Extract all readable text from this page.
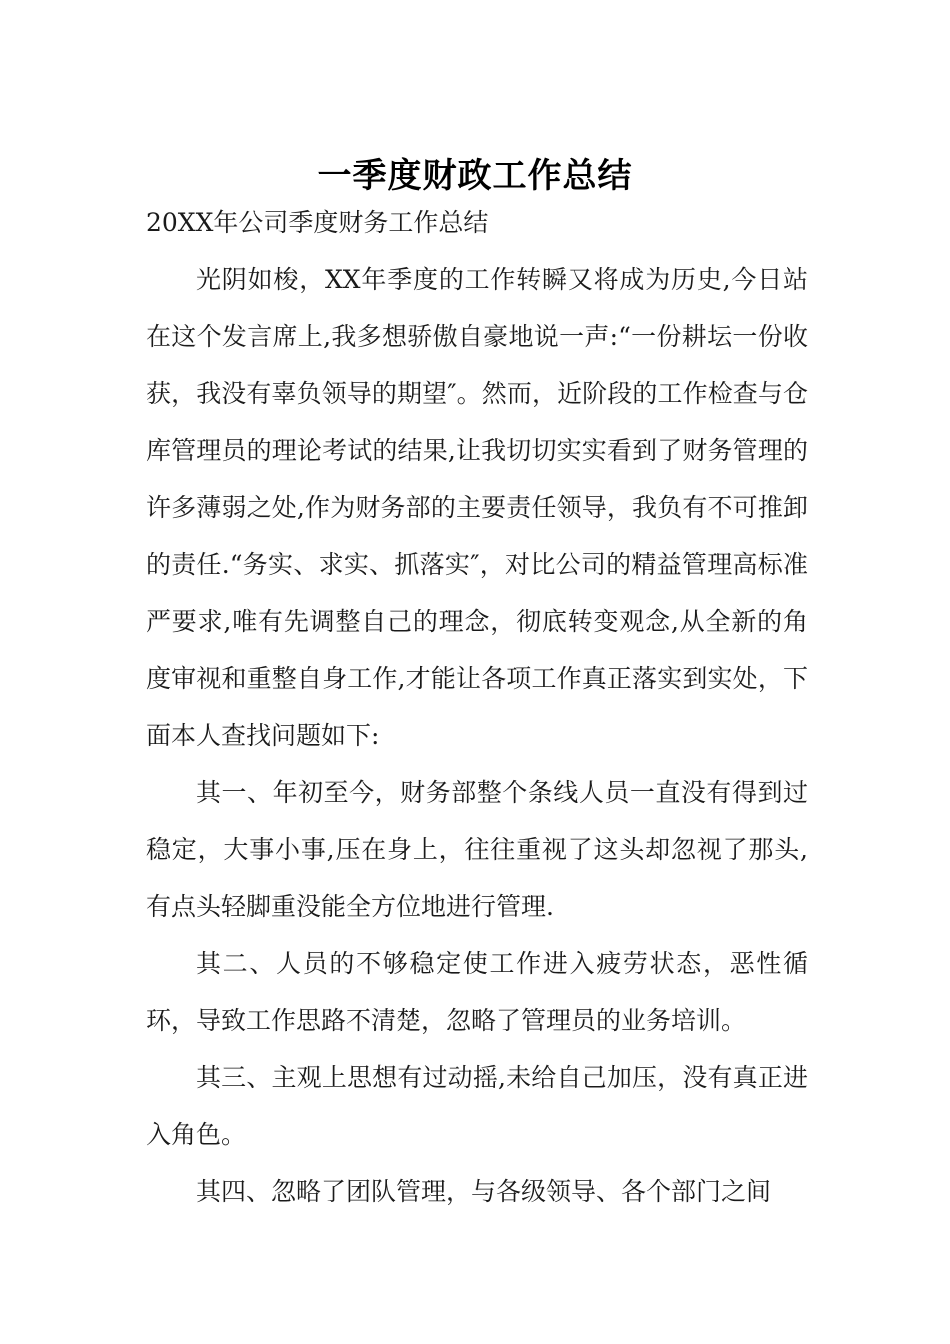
一季度财政工作总结

20XX年公司季度财务工作总结

光阴如梭，XX年季度的工作转瞬又将成为历史,今日站在这个发言席上,我多想骄傲自豪地说一声:“一份耕坛一份收获，我没有辜负领导的期望″。然而，近阶段的工作检查与仓库管理员的理论考试的结果,让我切切实实看到了财务管理的许多薄弱之处,作为财务部的主要责任领导，我负有不可推卸的责任.“务实、求实、抓落实″，对比公司的精益管理高标准严要求,唯有先调整自己的理念，彻底转变观念,从全新的角度审视和重整自身工作,才能让各项工作真正落实到实处，下面本人查找问题如下:

其一、年初至今，财务部整个条线人员一直没有得到过稳定，大事小事,压在身上，往往重视了这头却忽视了那头,有点头轻脚重没能全方位地进行管理.

其二、人员的不够稳定使工作进入疲劳状态，恶性循环，导致工作思路不清楚，忽略了管理员的业务培训。

其三、主观上思想有过动摇,未给自己加压，没有真正进入角色。

其四、忽略了团队管理，与各级领导、各个部门之间
